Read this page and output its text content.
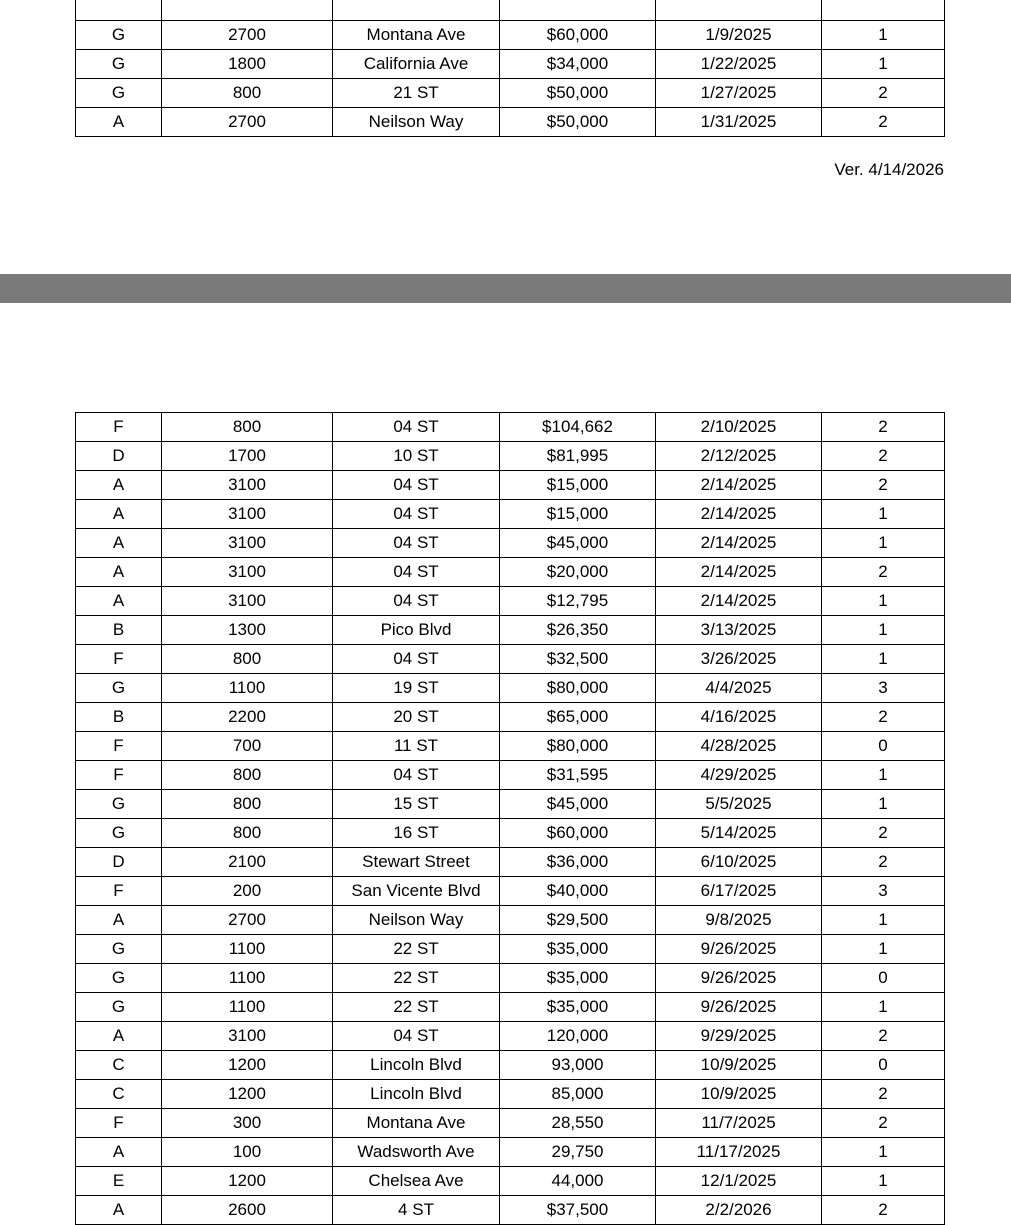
G	2700	Montana Ave	$60,000	1/9/2025	1
G	1800	California Ave	$34,000	1/22/2025	1
G	800	21 ST	$50,000	1/27/2025	2
A	2700	Neilson Way	$50,000	1/31/2025	2
Ver. 4/14/2026
F	800	04 ST	$104,662	2/10/2025	2
D	1700	10 ST	$81,995	2/12/2025	2
A	3100	04 ST	$15,000	2/14/2025	2
A	3100	04 ST	$15,000	2/14/2025	1
A	3100	04 ST	$45,000	2/14/2025	1
A	3100	04 ST	$20,000	2/14/2025	2
A	3100	04 ST	$12,795	2/14/2025	1
B	1300	Pico Blvd	$26,350	3/13/2025	1
F	800	04 ST	$32,500	3/26/2025	1
G	1100	19 ST	$80,000	4/4/2025	3
B	2200	20 ST	$65,000	4/16/2025	2
F	700	11 ST	$80,000	4/28/2025	0
F	800	04 ST	$31,595	4/29/2025	1
G	800	15 ST	$45,000	5/5/2025	1
G	800	16 ST	$60,000	5/14/2025	2
D	2100	Stewart Street	$36,000	6/10/2025	2
F	200	San Vicente Blvd	$40,000	6/17/2025	3
A	2700	Neilson Way	$29,500	9/8/2025	1
G	1100	22 ST	$35,000	9/26/2025	1
G	1100	22 ST	$35,000	9/26/2025	0
G	1100	22 ST	$35,000	9/26/2025	1
A	3100	04 ST	120,000	9/29/2025	2
C	1200	Lincoln Blvd	93,000	10/9/2025	0
C	1200	Lincoln Blvd	85,000	10/9/2025	2
F	300	Montana Ave	28,550	11/7/2025	2
A	100	Wadsworth Ave	29,750	11/17/2025	1
E	1200	Chelsea Ave	44,000	12/1/2025	1
A	2600	4 ST	$37,500	2/2/2026	2
